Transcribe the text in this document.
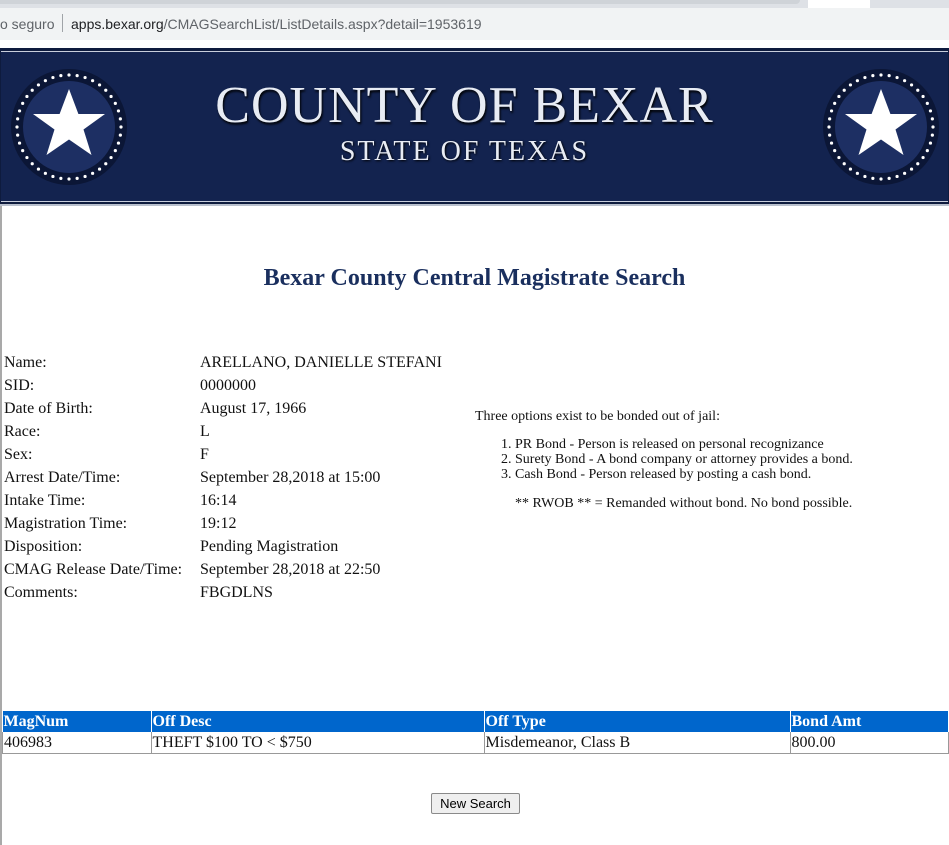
o seguro apps.bexar.org/CMAGSearchList/ListDetails.aspx?detail=1953619
COUNTY OF BEXAR
STATE OF TEXAS
Bexar County Central Magistrate Search
Name:	ARELLANO, DANIELLE STEFANI
SID:	0000000
Date of Birth:	August 17, 1966
Race:	L
Sex:	F
Arrest Date/Time:	September 28,2018 at 15:00
Intake Time:	16:14
Magistration Time:	19:12
Disposition:	Pending Magistration
CMAG Release Date/Time:	September 28,2018 at 22:50
Comments:	FBGDLNS

Three options exist to be bonded out of jail:

1. PR Bond - Person is released on personal recognizance
2. Surety Bond - A bond company or attorney provides a bond.
3. Cash Bond - Person released by posting a cash bond.
** RWOB ** = Remanded without bond. No bond possible.
MagNum	Off Desc	Off Type	Bond Amt
406983	THEFT $100 TO < $750	Misdemeanor, Class B	800.00
New Search
